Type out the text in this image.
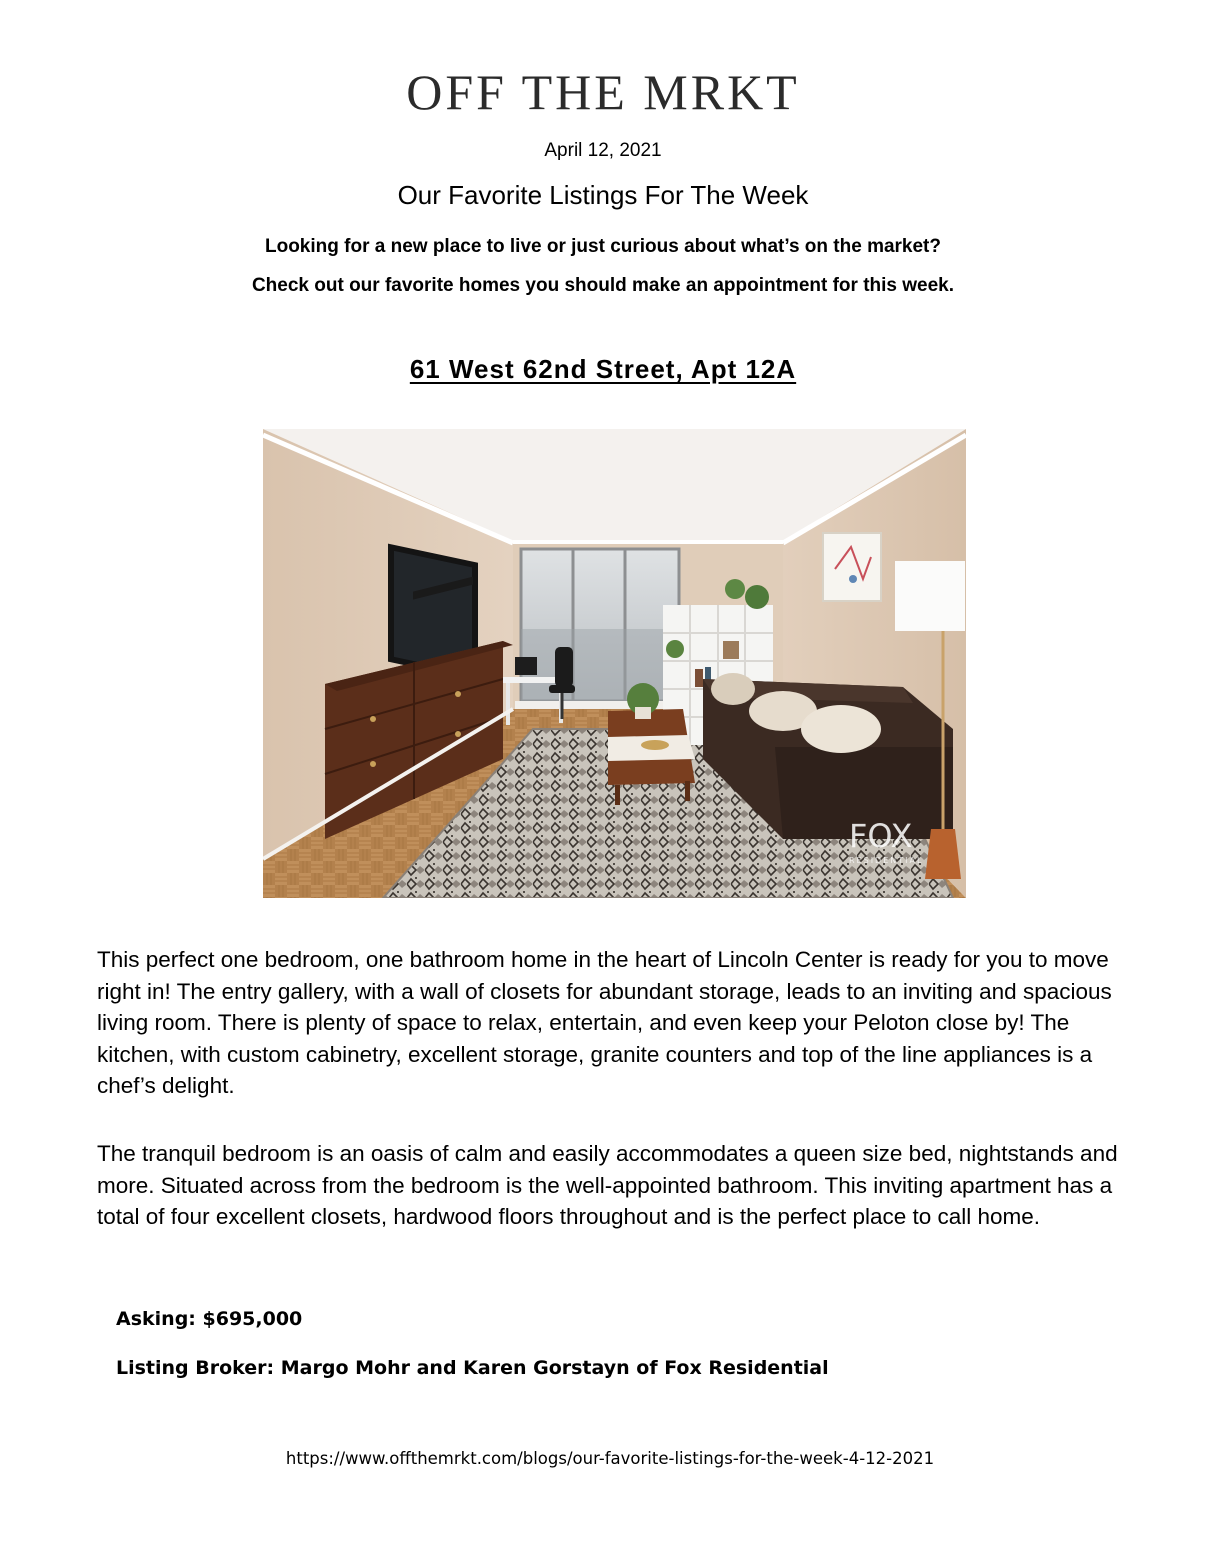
OFF THE MRKT
April 12, 2021
Our Favorite Listings For The Week
Looking for a new place to live or just curious about what’s on the market?
Check out our favorite homes you should make an appointment for this week.
61 West 62nd Street, Apt 12A
FOX
RESIDENTIAL
This perfect one bedroom, one bathroom home in the heart of Lincoln Center is ready for you to move right in! The entry gallery, with a wall of closets for abundant storage, leads to an inviting and spacious living room. There is plenty of space to relax, entertain, and even keep your Peloton close by! The kitchen, with custom cabinetry, excellent storage, granite counters and top of the line appliances is a chef’s delight.
The tranquil bedroom is an oasis of calm and easily accommodates a queen size bed, nightstands and more. Situated across from the bedroom is the well-appointed bathroom. This inviting apartment has a total of four excellent closets, hardwood floors throughout and is the perfect place to call home.
Asking: $695,000
Listing Broker: Margo Mohr and Karen Gorstayn of Fox Residential
https://www.offthemrkt.com/blogs/our-favorite-listings-for-the-week-4-12-2021
